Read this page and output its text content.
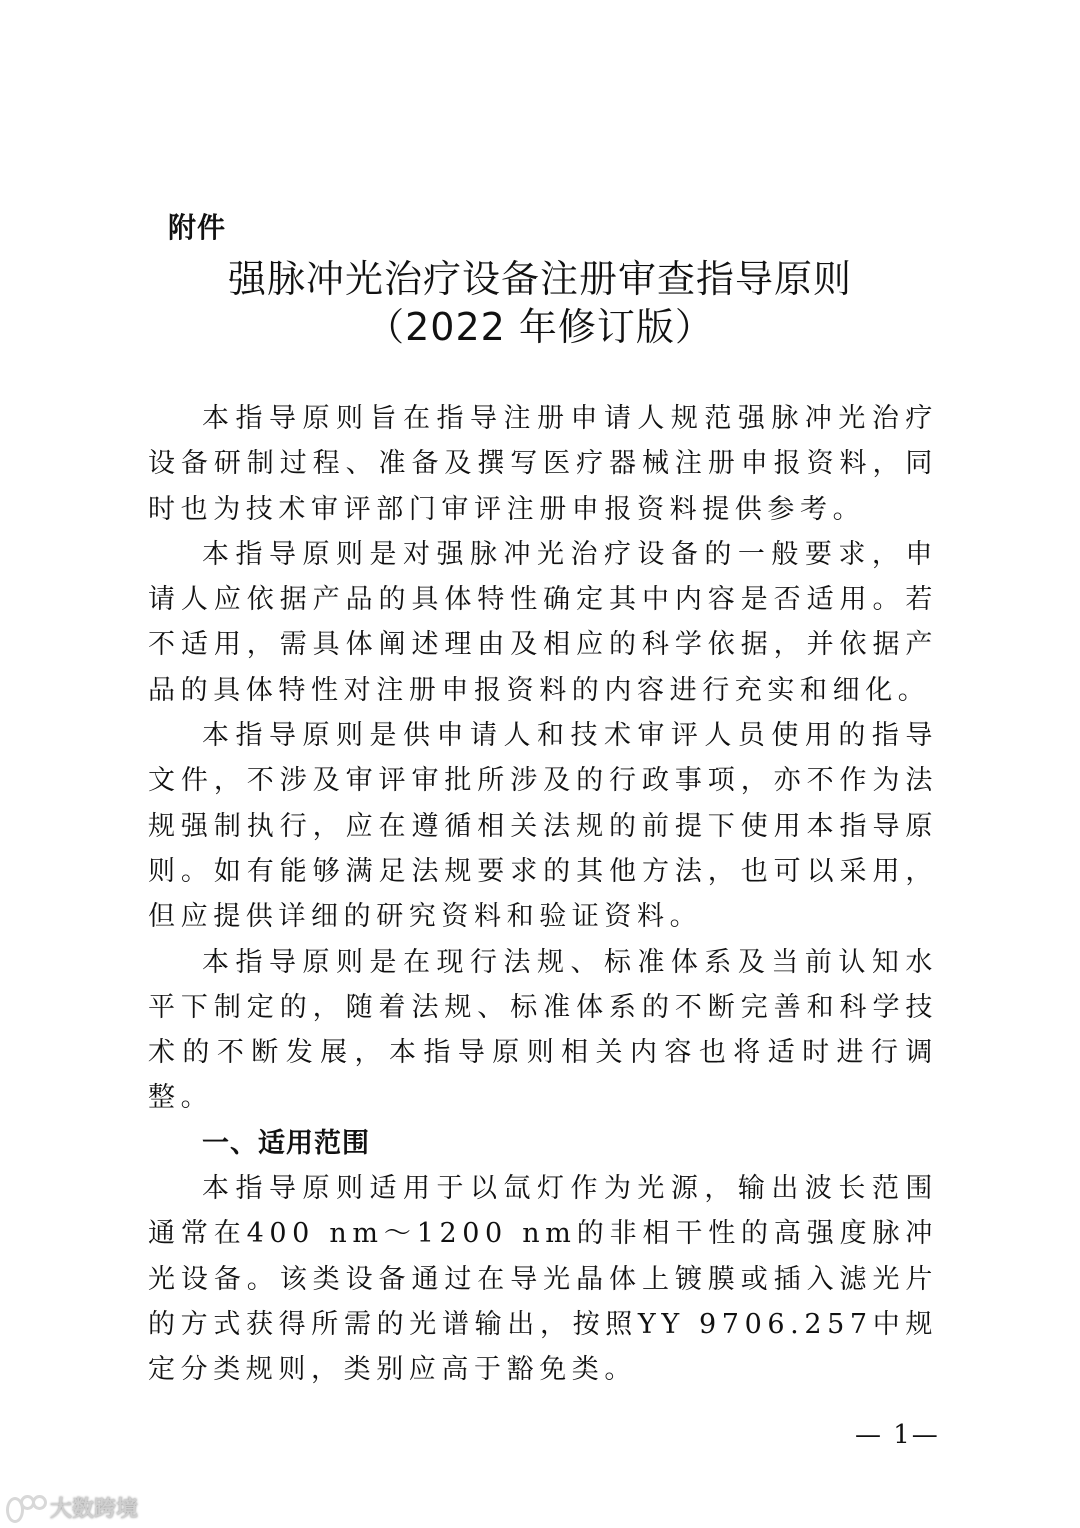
附件
强脉冲光治疗设备注册审查指导原则
（2022 年修订版）

本指导原则旨在指导注册申请人规范强脉冲光治疗设备研制过程、准备及撰写医疗器械注册申报资料，同时也为技术审评部门审评注册申报资料提供参考。

本指导原则是对强脉冲光治疗设备的一般要求，申请人应依据产品的具体特性确定其中内容是否适用。若不适用，需具体阐述理由及相应的科学依据，并依据产品的具体特性对注册申报资料的内容进行充实和细化。

本指导原则是供申请人和技术审评人员使用的指导文件，不涉及审评审批所涉及的行政事项，亦不作为法规强制执行，应在遵循相关法规的前提下使用本指导原则。如有能够满足法规要求的其他方法，也可以采用，但应提供详细的研究资料和验证资料。

本指导原则是在现行法规、标准体系及当前认知水平下制定的，随着法规、标准体系的不断完善和科学技术的不断发展，本指导原则相关内容也将适时进行调整。

一、适用范围

本指导原则适用于以氙灯作为光源，输出波长范围通常在400 nm～1200 nm的非相干性的高强度脉冲光设备。该类设备通过在导光晶体上镀膜或插入滤光片的方式获得所需的光谱输出，按照YY 9706.257中规定分类规则，类别应高于豁免类。

— 1—
大数跨境
